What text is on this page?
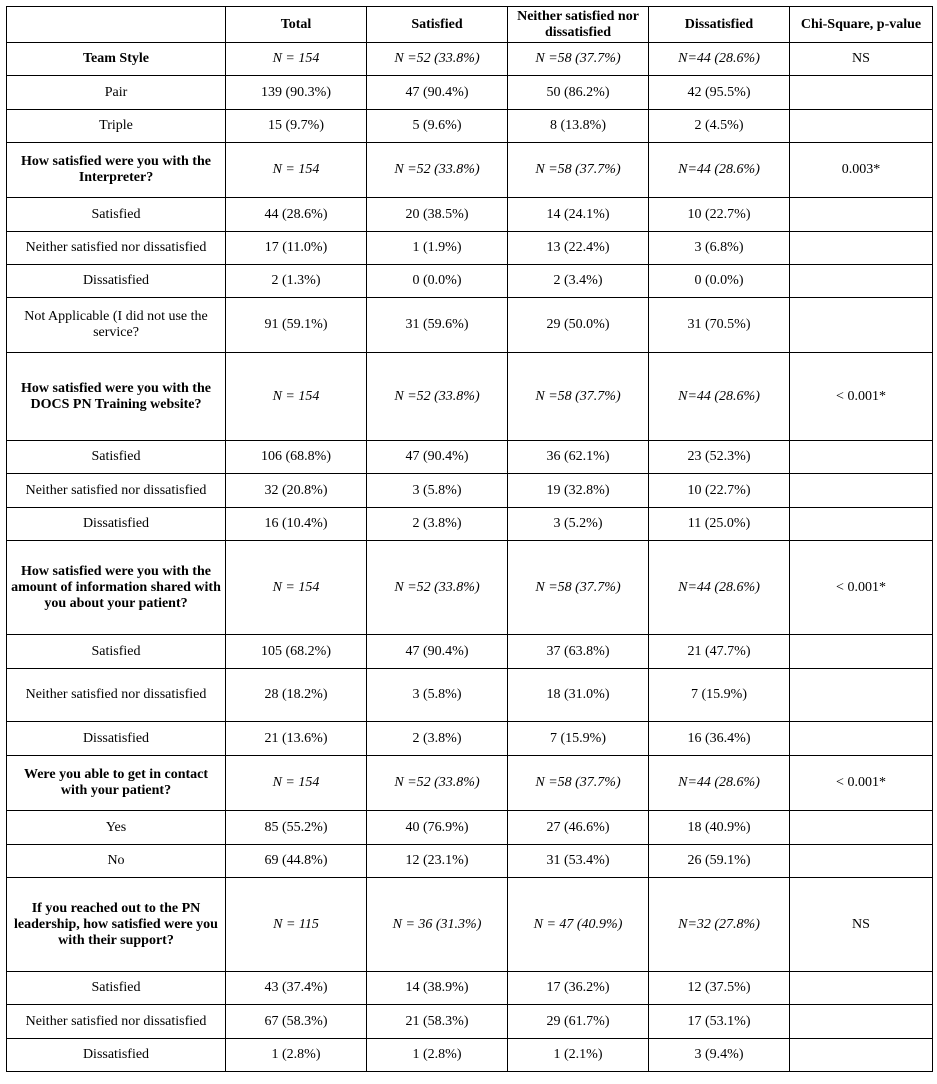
	Total	Satisfied	Neither satisfied nor dissatisfied	Dissatisfied	Chi-Square, p-value
Team Style	N = 154	N =52 (33.8%)	N =58 (37.7%)	N=44 (28.6%)	NS
Pair	139 (90.3%)	47 (90.4%)	50 (86.2%)	42 (95.5%)	
Triple	15 (9.7%)	5 (9.6%)	8 (13.8%)	2 (4.5%)	
How satisfied were you with the Interpreter?	N = 154	N =52 (33.8%)	N =58 (37.7%)	N=44 (28.6%)	0.003*
Satisfied	44 (28.6%)	20 (38.5%)	14 (24.1%)	10 (22.7%)	
Neither satisfied nor dissatisfied	17 (11.0%)	1 (1.9%)	13 (22.4%)	3 (6.8%)	
Dissatisfied	2 (1.3%)	0 (0.0%)	2 (3.4%)	0 (0.0%)	
Not Applicable (I did not use the service?	91 (59.1%)	31 (59.6%)	29 (50.0%)	31 (70.5%)	
How satisfied were you with the DOCS PN Training website?	N = 154	N =52 (33.8%)	N =58 (37.7%)	N=44 (28.6%)	< 0.001*
Satisfied	106 (68.8%)	47 (90.4%)	36 (62.1%)	23 (52.3%)	
Neither satisfied nor dissatisfied	32 (20.8%)	3 (5.8%)	19 (32.8%)	10 (22.7%)	
Dissatisfied	16 (10.4%)	2 (3.8%)	3 (5.2%)	11 (25.0%)	
How satisfied were you with the amount of information shared with you about your patient?	N = 154	N =52 (33.8%)	N =58 (37.7%)	N=44 (28.6%)	< 0.001*
Satisfied	105 (68.2%)	47 (90.4%)	37 (63.8%)	21 (47.7%)	
Neither satisfied nor dissatisfied	28 (18.2%)	3 (5.8%)	18 (31.0%)	7 (15.9%)	
Dissatisfied	21 (13.6%)	2 (3.8%)	7 (15.9%)	16 (36.4%)	
Were you able to get in contact with your patient?	N = 154	N =52 (33.8%)	N =58 (37.7%)	N=44 (28.6%)	< 0.001*
Yes	85 (55.2%)	40 (76.9%)	27 (46.6%)	18 (40.9%)	
No	69 (44.8%)	12 (23.1%)	31 (53.4%)	26 (59.1%)	
If you reached out to the PN leadership, how satisfied were you with their support?	N = 115	N = 36 (31.3%)	N = 47 (40.9%)	N=32 (27.8%)	NS
Satisfied	43 (37.4%)	14 (38.9%)	17 (36.2%)	12 (37.5%)	
Neither satisfied nor dissatisfied	67 (58.3%)	21 (58.3%)	29 (61.7%)	17 (53.1%)	
Dissatisfied	1 (2.8%)	1 (2.8%)	1 (2.1%)	3 (9.4%)	
